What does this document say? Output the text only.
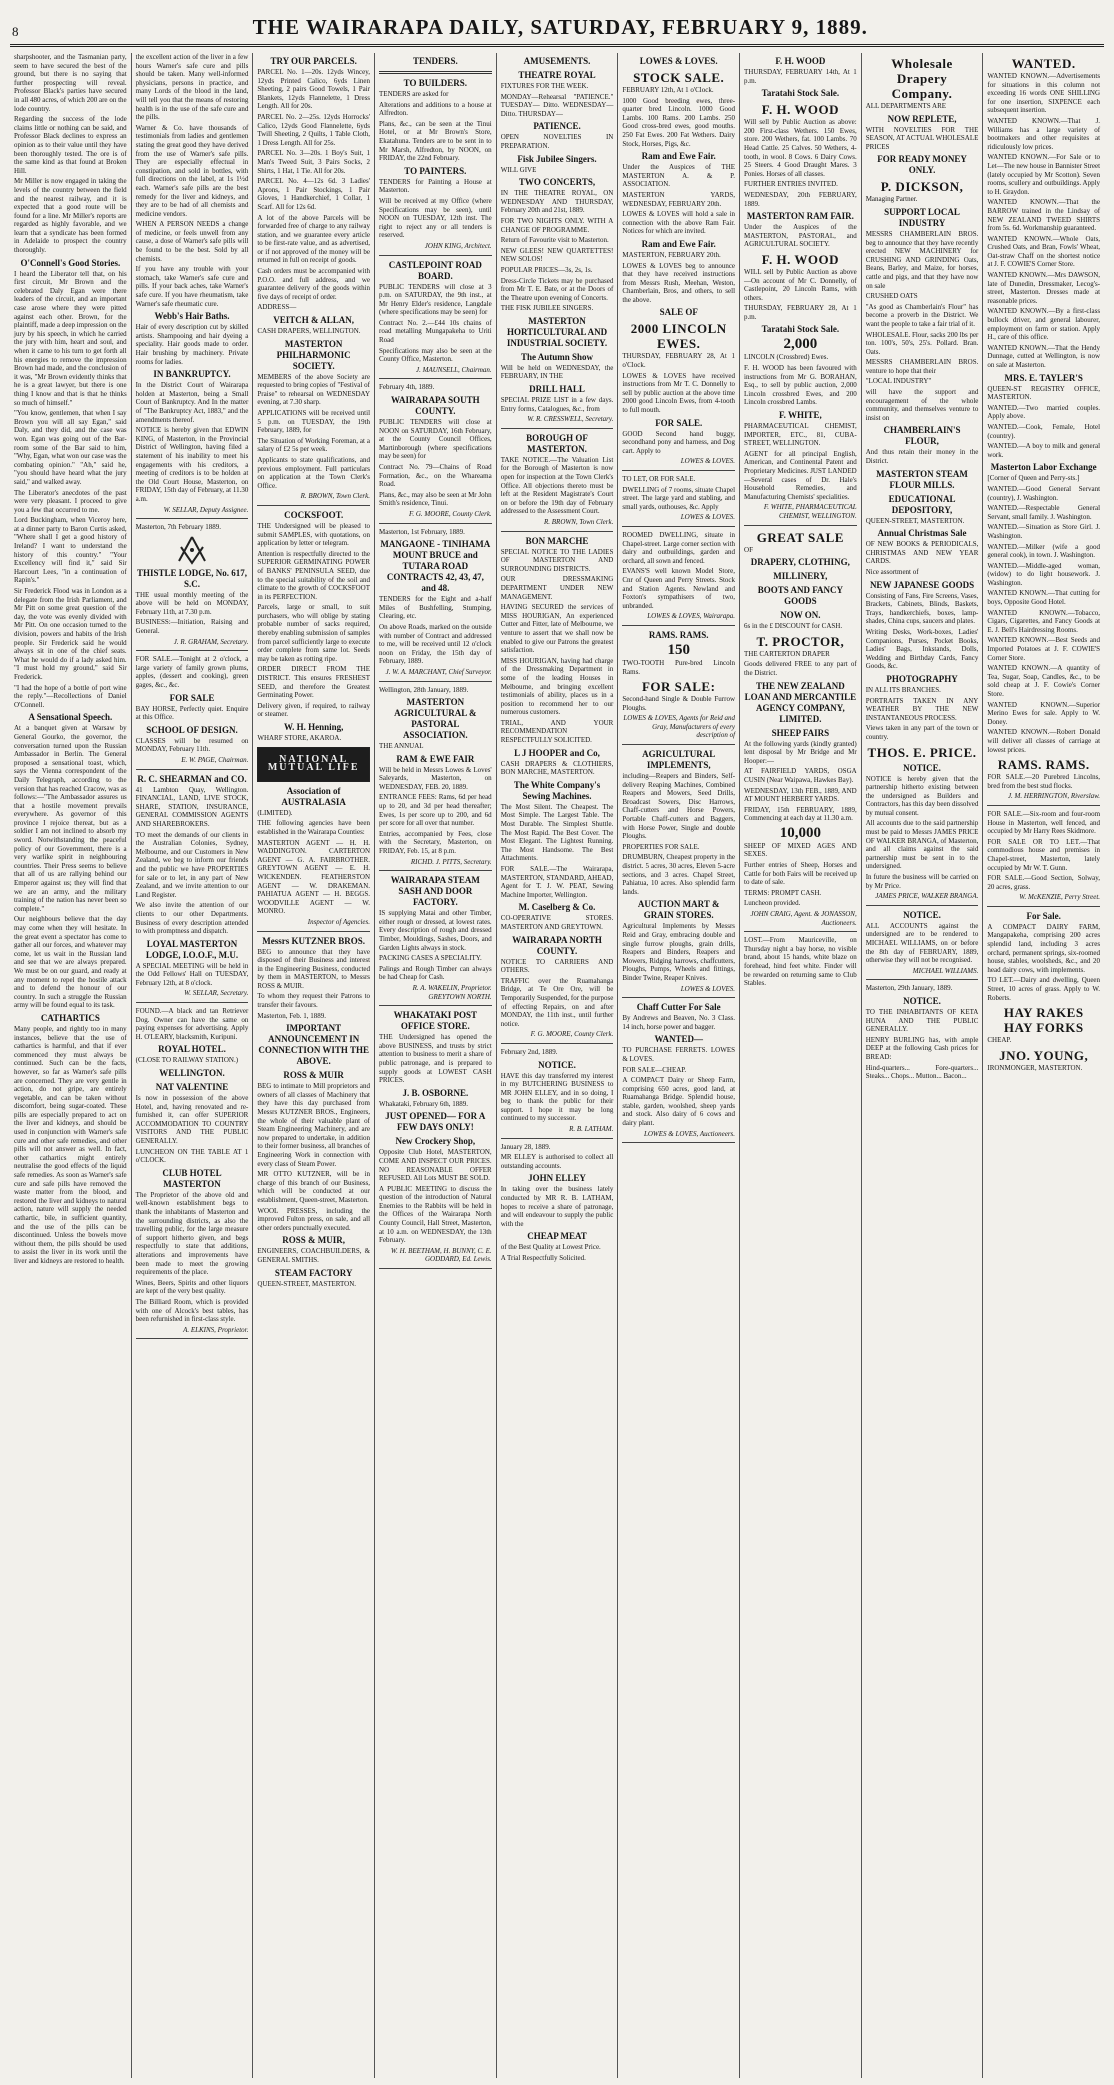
8	THE WAIRARAPA DAILY, SATURDAY, FEBRUARY 9, 1889.
sharpshooter, and the Tasmanian party, seem to have secured the best of the ground, but there is no saying that further prospecting will reveal. Professor Black's parties have secured in all 480 acres, of which 200 are on the lode country.
Regarding the success of the lode claims little or nothing can be said, and Professor Black declines to express an opinion as to their value until they have been thoroughly tested. The ore is of the same kind as that found at Broken Hill.
Mr Miller is now engaged in taking the levels of the country between the field and the nearest railway, and it is expected that a good route will be found for a line. Mr Miller's reports are regarded as highly favorable, and we learn that a syndicate has been formed in Adelaide to prospect the country thoroughly.
O'Connell's Good Stories.
I heard the Liberator tell that, on his first circuit, Mr Brown and the celebrated Daly Egan were there leaders of the circuit, and an important case arose where they were pitted against each other. Brown, for the plaintiff, made a deep impression on the jury by his speech, in which he carried the jury with him, heart and soul, and when it came to his turn to get forth all his energies to remove the impression Brown had made, and the conclusion of it was, "Mr Brown evidently thinks that he is a great lawyer, but there is one thing I know and that is that he thinks so much of himself."
"You know, gentlemen, that when I say Brown you will all say Egan," said Daly, and they did, and the case was won. Egan was going out of the Bar-room some of the Bar said to him, "Why, Egan, what won our case was the combating opinion." "Ah," said he, "you should have heard what the jury said," and walked away.
The Liberator's anecdotes of the past were very pleasant. I proceed to give you a few that occurred to me.
Lord Buckingham, when Viceroy here, at a dinner party to Baron Curtis asked, "Where shall I get a good history of Ireland? I want to understand the history of this country." "Your Excellency will find it," said Sir Harcourt Lees, "in a continuation of Rapin's."
Sir Frederick Flood was in London as a delegate from the Irish Parliament, and Mr Pitt on some great question of the day, the vote was evenly divided with Mr Pitt. On one occasion turned to the division, powers and habits of the Irish people. Sir Frederick said he would always sit in one of the chief seats. What he would do if a lady asked him. "I must hold my ground," said Sir Frederick.
"I had the hope of a bottle of port wine the reply."—Recollections of Daniel O'Connell.
A Sensational Speech.
At a banquet given at Warsaw by General Gourko, the governor, the conversation turned upon the Russian Ambassador in Berlin. The General proposed a sensational toast, which, says the Vienna correspondent of the Daily Telegraph, according to the version that has reached Cracow, was as follows:—"The Ambassador assures us that a hostile movement prevails everywhere. As governor of this province I rejoice thereat, but as a soldier I am not inclined to absorb my sword. Notwithstanding the peaceful policy of our Government, there is a very warlike spirit in neighbouring countries. Their Press seems to believe that all of us are rallying behind our Emperor against us; they will find that we are an army, and the military training of the nation has never been so complete."
Our neighbours believe that the day may come when they will hesitate. In the great event a spectator has come to gather all our forces, and whatever may come, let us wait in the Russian land and see that we are always prepared. We must be on our guard, and ready at any moment to repel the hostile attack and to defend the honour of our country. In such a struggle the Russian army will be found equal to its task.
CATHARTICS
Many people, and rightly too in many instances, believe that the use of cathartics is harmful, and that if ever commenced they must always be continued. Such can be the facts, however, so far as Warner's safe pills are concerned. They are very gentle in action, do not gripe, are entirely vegetable, and can be taken without discomfort, being sugar-coated. These pills are especially prepared to act on the liver and kidneys, and should be used in conjunction with Warner's safe cure and other safe remedies, and other pills will not answer as well. In fact, other cathartics might entirely neutralise the good effects of the liquid safe remedies. As soon as Warner's safe cure and safe pills have removed the waste matter from the blood, and restored the liver and kidneys to natural action, nature will supply the needed cathartic, bile, in sufficient quantity, and the use of the pills can be discontinued. Unless the bowels move without them, the pills should be used to assist the liver in its work until the liver and kidneys are restored to health.
the excellent action of the liver in a few hours Warner's safe cure and pills should be taken. Many well-informed physicians, persons in practice, and many Lords of the blood in the land, will tell you that the means of restoring health is in the use of the safe cure and the pills.
Warner & Co. have thousands of testimonials from ladies and gentlemen stating the great good they have derived from the use of Warner's safe pills. They are especially effectual in constipation, and sold in bottles, with full directions on the label, at 1s 1½d each. Warner's safe pills are the best remedy for the liver and kidneys, and they are to be had of all chemists and medicine vendors.
WHEN A PERSON NEEDS a change of medicine, or feels unwell from any cause, a dose of Warner's safe pills will be found to be the best. Sold by all chemists.
If you have any trouble with your stomach, take Warner's safe cure and pills. If your back aches, take Warner's safe cure. If you have rheumatism, take Warner's safe rheumatic cure.
Webb's Hair Baths.
Hair of every description cut by skilled artists. Shampooing and hair dyeing a speciality. Hair goods made to order. Hair brushing by machinery. Private rooms for ladies.
IN BANKRUPTCY.
In the District Court of Wairarapa holden at Masterton, being a Small Court of Bankruptcy. And In the matter of "The Bankruptcy Act, 1883," and the amendments thereof.
NOTICE is hereby given that EDWIN KING, of Masterton, in the Provincial District of Wellington, having filed a statement of his inability to meet his engagements with his creditors, a meeting of creditors is to be holden at the Old Court House, Masterton, on FRIDAY, 15th day of February, at 11.30 a.m.
W. SELLAR, Deputy Assignee.
Masterton, 7th February 1889.
THISTLE LODGE, No. 617, S.C.
THE usual monthly meeting of the above will be held on MONDAY, February 11th, at 7.30 p.m.
BUSINESS:—Initiation, Raising and General.
J. R. GRAHAM, Secretary.
FOR SALE.—Tonight at 2 o'clock, a large variety of family grown plums, apples, (dessert and cooking), green gages, &c., &c.
FOR SALE
BAY HORSE, Perfectly quiet. Enquire at this Office.
SCHOOL OF DESIGN.
CLASSES will be resumed on MONDAY, February 11th.
E. W. PAGE, Chairman.
R. C. SHEARMAN and CO.
41 Lambton Quay, Wellington. FINANCIAL, LAND, LIVE STOCK, SHARE, STATION, INSURANCE, GENERAL COMMISSION AGENTS AND SHAREBROKERS.
TO meet the demands of our clients in the Australian Colonies, Sydney, Melbourne, and our Customers in New Zealand, we beg to inform our friends and the public we have PROPERTIES for sale or to let, in any part of New Zealand, and we invite attention to our Land Register.
We also invite the attention of our clients to our other Departments. Business of every description attended to with promptness and dispatch.
LOYAL MASTERTON LODGE, I.O.O.F., M.U.
A SPECIAL MEETING will be held in the Odd Fellows' Hall on TUESDAY, February 12th, at 8 o'clock.
W. SELLAR, Secretary.
FOUND.—A black and tan Retriever Dog. Owner can have the same on paying expenses for advertising. Apply H. O'LEARY, blacksmith, Kuripuni.
ROYAL HOTEL.
(CLOSE TO RAILWAY STATION.)
WELLINGTON.
NAT VALENTINE
Is now in possession of the above Hotel, and, having renovated and re-furnished it, can offer SUPERIOR ACCOMMODATION TO COUNTRY VISITORS AND THE PUBLIC GENERALLY.
LUNCHEON ON THE TABLE AT 1 o'CLOCK.
CLUB HOTEL MASTERTON
The Proprietor of the above old and well-known establishment begs to thank the inhabitants of Masterton and the surrounding districts, as also the travelling public, for the large measure of support hitherto given, and begs respectfully to state that additions, alterations and improvements have been made to meet the growing requirements of the place.
Wines, Beers, Spirits and other liquors are kept of the very best quality.
The Billiard Room, which is provided with one of Alcock's best tables, has been refurnished in first-class style.
A. ELKINS, Proprietor.
TRY OUR PARCELS.
PARCEL No. 1—20s. 12yds Wincey, 12yds Printed Calico, 6yds Linen Sheeting, 2 pairs Good Towels, 1 Pair Blankets, 12yds Flannelette, 1 Dress Length. All for 20s.
PARCEL No. 2—25s. 12yds Horrocks' Calico, 12yds Good Flannelette, 6yds Twill Sheeting, 2 Quilts, 1 Table Cloth, 1 Dress Length. All for 25s.
PARCEL No. 3—20s. 1 Boy's Suit, 1 Man's Tweed Suit, 3 Pairs Socks, 2 Shirts, 1 Hat, 1 Tie. All for 20s.
PARCEL No. 4—12s 6d. 3 Ladies' Aprons, 1 Pair Stockings, 1 Pair Gloves, 1 Handkerchief, 1 Collar, 1 Scarf. All for 12s 6d.
A lot of the above Parcels will be forwarded free of charge to any railway station, and we guarantee every article to be first-rate value, and as advertised, or if not approved of the money will be returned in full on receipt of goods.
Cash orders must be accompanied with P.O.O. and full address, and we guarantee delivery of the goods within five days of receipt of order.
ADDRESS—
VEITCH & ALLAN,
CASH DRAPERS, WELLINGTON.
MASTERTON PHILHARMONIC SOCIETY.
MEMBERS of the above Society are requested to bring copies of "Festival of Praise" to rehearsal on WEDNESDAY evening, at 7.30 sharp.
APPLICATIONS will be received until 5 p.m. on TUESDAY, the 19th February, 1889, for
The Situation of Working Foreman, at a salary of £2 5s per week.
Applicants to state qualifications, and previous employment. Full particulars on application at the Town Clerk's Office.
R. BROWN, Town Clerk.
COCKSFOOT.
THE Undersigned will be pleased to submit SAMPLES, with quotations, on application by letter or telegram.
Attention is respectfully directed to the SUPERIOR GERMINATING POWER of BANKS' PENINSULA SEED, due to the special suitability of the soil and climate to the growth of COCKSFOOT in its PERFECTION.
Parcels, large or small, to suit purchasers, who will oblige by stating probable number of sacks required, thereby enabling submission of samples from parcel sufficiently large to execute order complete from same lot. Seeds may be taken as rotting ripe.
ORDER DIRECT FROM THE DISTRICT. This ensures FRESHEST SEED, and therefore the Greatest Germinating Power.
Delivery given, if required, to railway or steamer.
W. H. Henning,
WHARF STORE, AKAROA.
NATIONAL MUTUAL LIFE
Association of AUSTRALASIA
(LIMITED).
THE following agencies have been established in the Wairarapa Counties:
MASTERTON AGENT — H. H. WADDINGTON. CARTERTON AGENT — G. A. FAIRBROTHER. GREYTOWN AGENT — E. H. WICKENDEN. FEATHERSTON AGENT — W. DRAKEMAN. PAHIATUA AGENT — H. BEGGS. WOODVILLE AGENT — W. MONRO.
Inspector of Agencies.
Messrs KUTZNER BROS.
BEG to announce that they have disposed of their Business and interest in the Engineering Business, conducted by them in MASTERTON, to Messrs ROSS & MUIR.
To whom they request their Patrons to transfer their favours.
Masterton, Feb. 1, 1889.
IMPORTANT ANNOUNCEMENT IN CONNECTION WITH THE ABOVE.
ROSS & MUIR
BEG to intimate to Mill proprietors and owners of all classes of Machinery that they have this day purchased from Messrs KUTZNER BROS., Engineers, the whole of their valuable plant of Steam Engineering Machinery, and are now prepared to undertake, in addition to their former business, all branches of Engineering Work in connection with every class of Steam Power.
MR OTTO KUTZNER, will be in charge of this branch of our Business, which will be conducted at our establishment, Queen-street, Masterton.
WOOL PRESSES, including the improved Fulton press, on sale, and all other orders punctually executed.
ROSS & MUIR,
ENGINEERS, COACHBUILDERS, & GENERAL SMITHS.
STEAM FACTORY
QUEEN-STREET, MASTERTON.
TENDERS.
TO BUILDERS.
TENDERS are asked for
Alterations and additions to a house at Alfredton.
Plans, &c., can be seen at the Tinui Hotel, or at Mr Brown's Store, Ekatahuna. Tenders are to be sent in to Mr Marsh, Alfredton, by NOON, on FRIDAY, the 22nd February.
TO PAINTERS.
TENDERS for Painting a House at Masterton.
Will be received at my Office (where Specifications may be seen), until NOON on TUESDAY, 12th inst. The right to reject any or all tenders is reserved.
JOHN KING, Architect.
CASTLEPOINT ROAD BOARD.
PUBLIC TENDERS will close at 3 p.m. on SATURDAY, the 9th inst., at Mr Henry Elder's residence, Langdale (where specifications may be seen) for
Contract No. 2.—£44 10s chains of road metalling Mungapakeha to Uriti Road
Specifications may also be seen at the County Office, Masterton.
J. MAUNSELL, Chairman.
February 4th, 1889.
WAIRARAPA SOUTH COUNTY.
PUBLIC TENDERS will close at NOON on SATURDAY, 16th February, at the County Council Offices, Martinborough (where specifications may be seen) for
Contract No. 79—Chains of Road Formation, &c., on the Whareama Road.
Plans, &c., may also be seen at Mr John Smith's residence, Tinui.
F. G. MOORE, County Clerk.
Masterton, 1st February, 1889.
MANGAONE - TINIHAMA MOUNT BRUCE and TUTARA ROAD CONTRACTS 42, 43, 47, and 48.
TENDERS for the Eight and a-half Miles of Bushfelling, Stumping, Clearing, etc.
On above Roads, marked on the outside with number of Contract and addressed to me, will be received until 12 o'clock noon on Friday, the 15th day of February, 1889.
J. W. A. MARCHANT, Chief Surveyor.
Wellington, 28th January, 1889.
MASTERTON AGRICULTURAL & PASTORAL ASSOCIATION.
THE ANNUAL
RAM & EWE FAIR
Will be held in Messrs Lowes & Loves' Saleyards, Masterton, on WEDNESDAY, FEB. 20, 1889.
ENTRANCE FEES: Rams, 6d per head up to 20, and 3d per head thereafter; Ewes, 1s per score up to 200, and 6d per score for all over that number.
Entries, accompanied by Fees, close with the Secretary, Masterton, on FRIDAY, Feb. 15, at 8 p.m.
RICHD. J. PITTS, Secretary.
WAIRARAPA STEAM SASH AND DOOR FACTORY.
IS supplying Matai and other Timber, either rough or dressed, at lowest rates. Every description of rough and dressed Timber, Mouldings, Sashes, Doors, and Garden Lights always in stock.
PACKING CASES A SPECIALITY.
Palings and Rough Timber can always be had Cheap for Cash.
R. A. WAKELIN, Proprietor. GREYTOWN NORTH.
WHAKATAKI POST OFFICE STORE.
THE Undersigned has opened the above BUSINESS, and trusts by strict attention to business to merit a share of public patronage, and is prepared to supply goods at LOWEST CASH PRICES.
J. B. OSBORNE.
Whakataki, February 6th, 1889.
JUST OPENED— FOR A FEW DAYS ONLY!
New Crockery Shop,
Opposite Club Hotel, MASTERTON, COME AND INSPECT OUR PRICES. NO REASONABLE OFFER REFUSED. All Lots MUST BE SOLD.
A PUBLIC MEETING to discuss the question of the introduction of Natural Enemies to the Rabbits will be held in the Offices of the Wairarapa North County Council, Hall Street, Masterton, at 10 a.m. on WEDNESDAY, the 13th February.
W. H. BEETHAM, H. BUNNY, C. E. GODDARD, Ed. Lewis.
AMUSEMENTS.
THEATRE ROYAL
FIXTURES FOR THE WEEK.
MONDAY—Rehearsal "PATIENCE." TUESDAY— Ditto. WEDNESDAY— Ditto. THURSDAY—
PATIENCE.
OPEN NOVELTIES IN PREPARATION.
Fisk Jubilee Singers.
WILL GIVE
TWO CONCERTS,
IN THE THEATRE ROYAL, ON WEDNESDAY AND THURSDAY, February 20th and 21st, 1889.
FOR TWO NIGHTS ONLY. WITH A CHANGE OF PROGRAMME.
Return of Favourite visit to Masterton.
NEW GLEES! NEW QUARTETTES! NEW SOLOS!
POPULAR PRICES—3s, 2s, 1s.
Dress-Circle Tickets may be purchased from Mr T. E. Bate, or at the Doors of the Theatre upon evening of Concerts.
THE FISK JUBILEE SINGERS.
MASTERTON HORTICULTURAL AND INDUSTRIAL SOCIETY.
The Autumn Show
Will be held on WEDNESDAY, the FEBRUARY, IN THE
DRILL HALL
SPECIAL PRIZE LIST in a few days. Entry forms, Catalogues, &c., from
W. R. CRESSWELL, Secretary.
BOROUGH OF MASTERTON.
TAKE NOTICE.—The Valuation List for the Borough of Masterton is now open for inspection at the Town Clerk's Office. All objections thereto must be left at the Resident Magistrate's Court on or before the 19th day of February addressed to the Assessment Court.
R. BROWN, Town Clerk.
BON MARCHE
SPECIAL NOTICE TO THE LADIES OF MASTERTON AND SURROUNDING DISTRICTS.
OUR DRESSMAKING DEPARTMENT UNDER NEW MANAGEMENT.
HAVING SECURED the services of MISS HOURIGAN, An experienced Cutter and Fitter, late of Melbourne, we venture to assert that we shall now be enabled to give our Patrons the greatest satisfaction.
MISS HOURIGAN, having had charge of the Dressmaking Department in some of the leading Houses in Melbourne, and bringing excellent testimonials of ability, places us in a position to recommend her to our numerous customers.
TRIAL, AND YOUR RECOMMENDATION RESPECTFULLY SOLICITED.
L J HOOPER and Co,
CASH DRAPERS & CLOTHIERS, BON MARCHE, MASTERTON.
The White Company's Sewing Machines.
The Most Silent. The Cheapest. The Most Simple. The Largest Table. The Most Durable. The Simplest Shuttle. The Most Rapid. The Best Cover. The Most Elegant. The Lightest Running. The Most Handsome. The Best Attachments.
FOR SALE.—The Wairarapa, MASTERTON, STANDARD, AHEAD, Agent for T. J. W. PEAT, Sewing Machine Importer, Wellington.
M. Caselberg & Co.
CO-OPERATIVE STORES. MASTERTON AND GREYTOWN.
WAIRARAPA NORTH COUNTY.
NOTICE TO CARRIERS AND OTHERS.
TRAFFIC over the Ruamahanga Bridge, at Te Ore Ore, will be Temporarily Suspended, for the purpose of effecting Repairs, on and after MONDAY, the 11th inst., until further notice.
F. G. MOORE, County Clerk.
February 2nd, 1889.
NOTICE.
HAVE this day transferred my interest in my BUTCHERING BUSINESS to MR JOHN ELLEY, and in so doing, I beg to thank the public for their support. I hope it may be long continued to my successor.
R. B. LATHAM.
January 28, 1889.
MR ELLEY is authorised to collect all outstanding accounts.
JOHN ELLEY
In taking over the business lately conducted by MR R. B. LATHAM, hopes to receive a share of patronage, and will endeavour to supply the public with the
CHEAP MEAT
of the Best Quality at Lowest Price.
A Trial Respectfully Solicited.
LOWES & LOVES.
STOCK SALE.
FEBRUARY 12th, At 1 o'Clock.
1000 Good breeding ewes, three-quarter bred Lincoln. 1000 Good Lambs. 100 Rams. 200 Lambs. 250 Good cross-bred ewes, good mouths. 250 Fat Ewes. 200 Fat Wethers. Dairy Stock, Horses, Pigs, &c.
Ram and Ewe Fair.
Under the Auspices of THE MASTERTON A. & P. ASSOCIATION.
MASTERTON YARDS, WEDNESDAY, FEBRUARY 20th.
LOWES & LOVES will hold a sale in connection with the above Ram Fair. Notices for which are invited.
Ram and Ewe Fair.
MASTERTON, FEBRUARY 20th.
LOWES & LOVES beg to announce that they have received instructions from Messrs Rush, Meehan, Weston, Chamberlain, Bros, and others, to sell the above.
SALE OF
2000 LINCOLN EWES.
THURSDAY, FEBRUARY 28, At 1 o'Clock.
LOWES & LOVES have received instructions from Mr T. C. Donnelly to sell by public auction at the above time 2000 good Lincoln Ewes, from 4-tooth to full mouth.
FOR SALE.
GOOD Second hand buggy, secondhand pony and harness, and Dog cart. Apply to
LOWES & LOVES.
TO LET, OR FOR SALE.
DWELLING of 7 rooms, situate Chapel street. The large yard and stabling, and small yards, outhouses, &c. Apply
LOWES & LOVES.
ROOMED DWELLING, situate in Chapel-street. Large corner section with dairy and outbuildings, garden and orchard, all sown and fenced.
EVANS'S well known Model Store, Cnr of Queen and Perry Streets. Stock and Station Agents. Newland and Foxton's sympathisers of two, unbranded.
LOWES & LOVES, Wairarapa.
RAMS. RAMS.
150
TWO-TOOTH Pure-bred Lincoln Rams.
FOR SALE:
Second-hand Single & Double Furrow Ploughs.
LOWES & LOVES, Agents for Reid and Gray, Manufacturers of every description of
AGRICULTURAL IMPLEMENTS,
including—Reapers and Binders, Self-delivery Reaping Machines, Combined Reapers and Mowers, Seed Drills, Broadcast Sowers, Disc Harrows, Chaff-cutters and Horse Powers, Portable Chaff-cutters and Baggers, with Horse Power, Single and double Ploughs.
PROPERTIES FOR SALE.
DRUMBURN, Cheapest property in the district. 5 acres, 30 acres, Eleven 5-acre sections, and 3 acres. Chapel Street, Pahiatua, 10 acres. Also splendid farm lands.
AUCTION MART & GRAIN STORES.
Agricultural Implements by Messrs Reid and Gray, embracing double and single furrow ploughs, grain drills, Reapers and Binders, Reapers and Mowers, Ridging harrows, chaffcutters, Ploughs, Pumps, Wheels and fittings, Binder Twine, Reaper Knives.
LOWES & LOVES.
Chaff Cutter For Sale
By Andrews and Beaven, No. 3 Class. 14 inch, horse power and bagger.
WANTED—
TO PURCHASE FERRETS. LOWES & LOVES.
FOR SALE—CHEAP.
A COMPACT Dairy or Sheep Farm, comprising 650 acres, good land, at Ruamahanga Bridge. Splendid house, stable, garden, woolshed, sheep yards and stock. Also dairy of 6 cows and dairy plant.
LOWES & LOVES, Auctioneers.
F. H. WOOD
THURSDAY, FEBRUARY 14th, At 1 p.m.
Taratahi Stock Sale.
F. H. WOOD
Will sell by Public Auction as above: 200 First-class Wethers. 150 Ewes, store. 200 Wethers, fat. 100 Lambs. 70 Head Cattle. 25 Calves. 50 Wethers, 4-tooth, in wool. 8 Cows. 6 Dairy Cows. 25 Steers. 4 Good Draught Mares. 3 Ponies. Horses of all classes.
FURTHER ENTRIES INVITED.
WEDNESDAY, 20th FEBRUARY, 1889.
MASTERTON RAM FAIR.
Under the Auspices of the MASTERTON, PASTORAL, and AGRICULTURAL SOCIETY.
F. H. WOOD
WILL sell by Public Auction as above—On account of Mr C. Donnelly, of Castlepoint, 20 Lincoln Rams, with others.
THURSDAY, FEBRUARY 28, At 1 p.m.
Taratahi Stock Sale.
2,000
LINCOLN (Crossbred) Ewes.
F. H. WOOD has been favoured with instructions from Mr G. BORAHAN, Esq., to sell by public auction, 2,000 Lincoln crossbred Ewes, and 200 Lincoln crossbred Lambs.
F. WHITE,
PHARMACEUTICAL CHEMIST, IMPORTER, ETC., 81, CUBA-STREET, WELLINGTON.
AGENT for all principal English, American, and Continental Patent and Proprietary Medicines. JUST LANDED—Several cases of Dr. Hale's Household Remedies, and Manufacturing Chemists' specialities.
F. WHITE, PHARMACEUTICAL CHEMIST, WELLINGTON.
GREAT SALE
OF
DRAPERY, CLOTHING,
MILLINERY,
BOOTS AND FANCY GOODS
NOW ON.
6s in the £ DISCOUNT for CASH.
T. PROCTOR,
THE CARTERTON DRAPER
Goods delivered FREE to any part of the District.
THE NEW ZEALAND LOAN AND MERCANTILE AGENCY COMPANY, LIMITED.
SHEEP FAIRS
At the following yards (kindly granted) lent disposal by Mr Bridge and Mr Hooper:—
AT FAIRFIELD YARDS, OSGA CUSIN (Near Waipawa, Hawkes Bay).
WEDNESDAY, 13th FEB., 1889, AND AT MOUNT HERBERT YARDS.
FRIDAY, 15th FEBRUARY, 1889, Commencing at each day at 11.30 a.m.
10,000
SHEEP OF MIXED AGES AND SEXES.
Further entries of Sheep, Horses and Cattle for both Fairs will be received up to date of sale.
TERMS: PROMPT CASH.
Luncheon provided.
JOHN CRAIG, Agent. & JONASSON, Auctioneers.
LOST.—From Mauriceville, on Thursday night a bay horse, no visible brand, about 15 hands, white blaze on forehead, hind feet white. Finder will be rewarded on returning same to Club Stables.
Wholesale Drapery Company.
ALL DEPARTMENTS ARE
NOW REPLETE,
WITH NOVELTIES FOR THE SEASON, AT ACTUAL WHOLESALE PRICES
FOR READY MONEY ONLY.
P. DICKSON,
Managing Partner.
SUPPORT LOCAL INDUSTRY
MESSRS CHAMBERLAIN BROS. beg to announce that they have recently erected NEW MACHINERY for CRUSHING AND GRINDING Oats, Beans, Barley, and Maize, for horses, cattle and pigs, and that they have now on sale
CRUSHED OATS
"As good as Chamberlain's Flour" has become a proverb in the District. We want the people to take a fair trial of it.
WHOLESALE. Flour, sacks 200 lbs per ton. 100's, 50's, 25's. Pollard. Bran. Oats.
MESSRS CHAMBERLAIN BROS. venture to hope that their
"LOCAL INDUSTRY"
will have the support and encouragement of the whole community, and themselves venture to insist on
CHAMBERLAIN'S FLOUR,
And thus retain their money in the District.
MASTERTON STEAM FLOUR MILLS.
EDUCATIONAL DEPOSITORY,
QUEEN-STREET, MASTERTON.
Annual Christmas Sale
OF NEW BOOKS & PERIODICALS, CHRISTMAS AND NEW YEAR CARDS.
Nice assortment of
NEW JAPANESE GOODS
Consisting of Fans, Fire Screens, Vases, Brackets, Cabinets, Blinds, Baskets, Trays, handkerchiefs, boxes, lamp-shades, China cups, saucers and plates.
Writing Desks, Work-boxes, Ladies' Companions, Purses, Pocket Books, Ladies' Bags, Inkstands, Dolls, Wedding and Birthday Cards, Fancy Goods, &c.
PHOTOGRAPHY
IN ALL ITS BRANCHES.
PORTRAITS TAKEN IN ANY WEATHER BY THE NEW INSTANTANEOUS PROCESS.
Views taken in any part of the town or country.
THOS. E. PRICE.
NOTICE.
NOTICE is hereby given that the partnership hitherto existing between the undersigned as Builders and Contractors, has this day been dissolved by mutual consent.
All accounts due to the said partnership must be paid to Messrs JAMES PRICE OF WALKER BRANGA, of Masterton, and all claims against the said partnership must be sent in to the undersigned.
In future the business will be carried on by Mr Price.
JAMES PRICE, WALKER BRANGA.
NOTICE.
ALL ACCOUNTS against the undersigned are to be rendered to MICHAEL WILLIAMS, on or before the 8th day of FEBRUARY, 1889, otherwise they will not be recognised.
MICHAEL WILLIAMS.
Masterton, 29th January, 1889.
NOTICE.
TO THE INHABITANTS OF KETA HUNA AND THE PUBLIC GENERALLY.
HENRY BURLING has, with ample DEEP at the following Cash prices for BREAD:
Hind-quarters... Fore-quarters... Steaks... Chops... Mutton... Bacon...
WANTED.
WANTED KNOWN.—Advertisements for situations in this column not exceeding 16 words ONE SHILLING for one insertion, SIXPENCE each subsequent insertion.
WANTED KNOWN.—That J. Williams has a large variety of bootmakers and other requisites at ridiculously low prices.
WANTED KNOWN.—For Sale or to Let—The new house in Bannister Street (lately occupied by Mr Scotton). Seven rooms, scullery and outbuildings. Apply to H. Graydon.
WANTED KNOWN.—That the BARROW trained in the Lindsay of NEW ZEALAND TWEED SHIRTS from 5s. 6d. Workmanship guaranteed.
WANTED KNOWN.—Whole Oats, Crushed Oats, and Bran, Fowls' Wheat, Oat-straw Chaff on the shortest notice at J. F. COWIE'S Corner Store.
WANTED KNOWN.—Mrs DAWSON, late of Dunedin, Dressmaker, Lecog's-street, Masterton. Dresses made at reasonable prices.
WANTED KNOWN.—By a first-class bullock driver, and general labourer, employment on farm or station. Apply H., care of this office.
WANTED KNOWN.—That the Hendy Dunnage, cutted at Wellington, is now on sale at Masterton.
MRS. E. TAYLER'S
QUEEN-ST REGISTRY OFFICE, MASTERTON.
WANTED.—Two married couples. Apply above.
WANTED.—Cook, Female, Hotel (country).
WANTED.—A boy to milk and general work.
Masterton Labor Exchange
[Corner of Queen and Perry-sts.]
WANTED.—Good General Servant (country), J. Washington.
WANTED.—Respectable General Servant, small family. J. Washington.
WANTED.—Situation as Store Girl. J. Washington.
WANTED.—Milker (wife a good general cook), in town. J. Washington.
WANTED.—Middle-aged woman, (widow) to do light housework. J. Washington.
WANTED KNOWN.—That cutting for boys, Opposite Good Hotel.
WANTED KNOWN.—Tobacco, Cigars, Cigarettes, and Fancy Goods at E. J. Bell's Hairdressing Rooms.
WANTED KNOWN.—Best Seeds and Imported Potatoes at J. F. COWIE'S Corner Store.
WANTED KNOWN.—A quantity of Tea, Sugar, Soap, Candles, &c., to be sold cheap at J. F. Cowie's Corner Store.
WANTED KNOWN.—Superior Merino Ewes for sale. Apply to W. Doney.
WANTED KNOWN.—Robert Donald will deliver all classes of carriage at lowest prices.
RAMS. RAMS.
FOR SALE.—20 Purebred Lincolns, bred from the best stud flocks.
J. M. HERRINGTON, Riverslaw.
FOR SALE.—Six-room and four-room House in Masterton, well fenced, and occupied by Mr Harry Rees Skidmore.
FOR SALE OR TO LET.—That commodious house and premises in Chapel-street, Masterton, lately occupied by Mr W. T. Gunn.
FOR SALE.—Good Section, Solway, 20 acres, grass.
W. McKENZIE, Perry Street.
For Sale.
A COMPACT DAIRY FARM, Mangapakeha, comprising 200 acres splendid land, including 3 acres orchard, permanent springs, six-roomed house, stables, woolsheds, &c., and 20 head dairy cows, with implements.
TO LET.—Dairy and dwelling, Queen Street, 10 acres of grass. Apply to W. Roberts.
HAY RAKES HAY FORKS
CHEAP.
JNO. YOUNG,
IRONMONGER, MASTERTON.
